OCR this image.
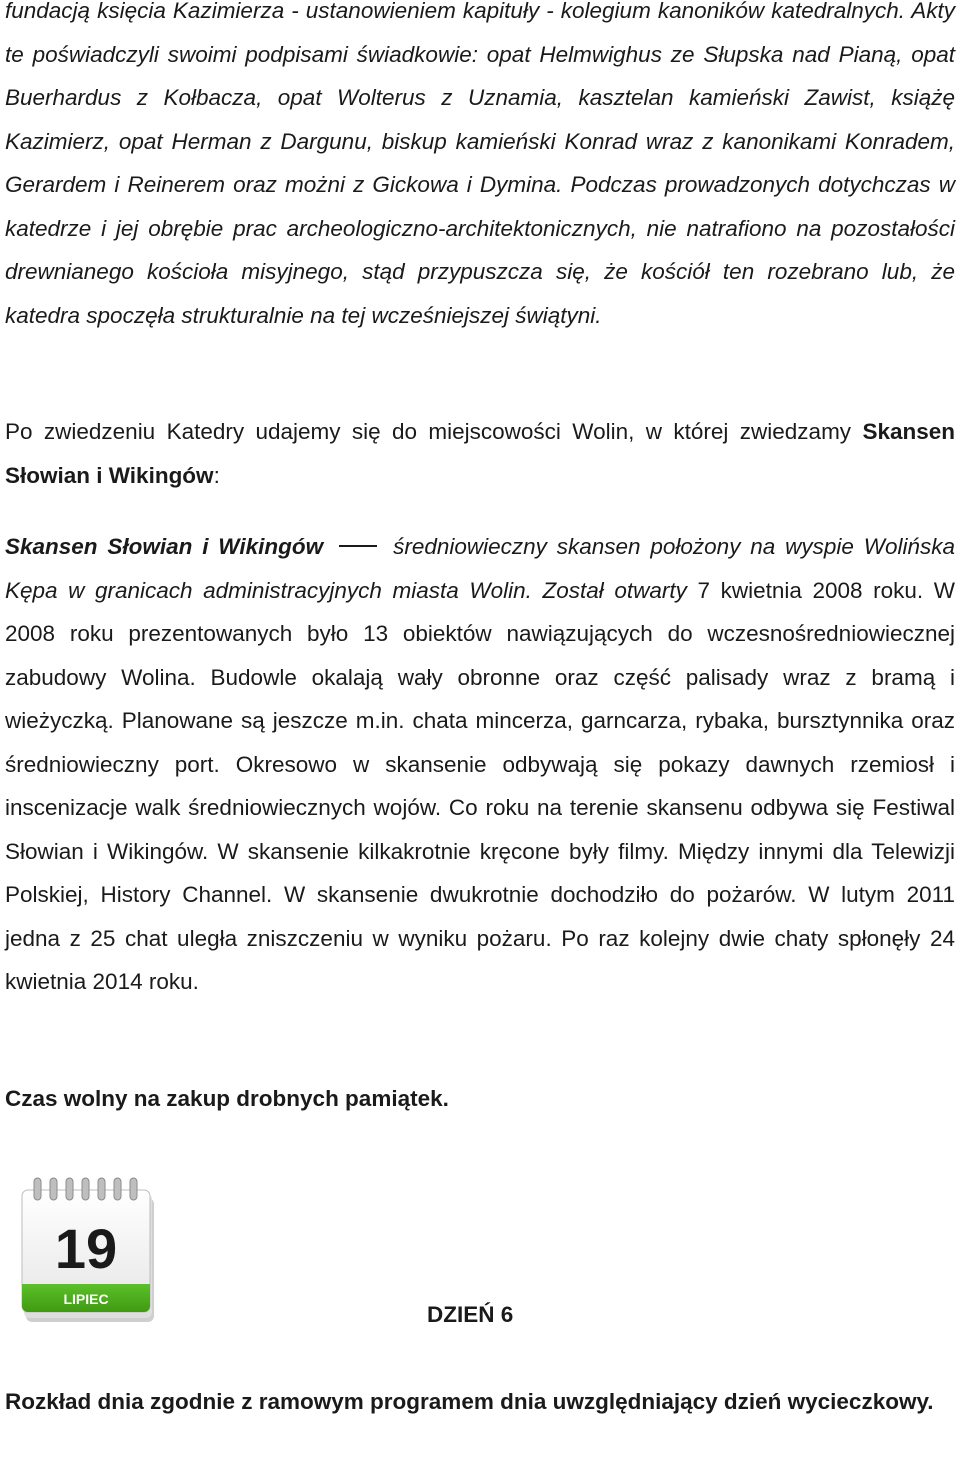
fundacją księcia Kazimierza - ustanowieniem kapituły - kolegium kanoników katedralnych. Akty te poświadczyli swoimi podpisami świadkowie: opat Helmwighus ze Słupska nad Pianą, opat Buerhardus z Kołbacza, opat Wolterus z Uznamia, kasztelan kamieński Zawist, książę Kazimierz, opat Herman z Dargunu, biskup kamieński Konrad wraz z kanonikami Konradem, Gerardem i Reinerem oraz możni z Gickowa i Dymina. Podczas prowadzonych dotychczas w katedrze i jej obrębie prac archeologiczno-architektonicznych, nie natrafiono na pozostałości drewnianego kościoła misyjnego, stąd przypuszcza się, że kościół ten rozebrano lub, że katedra spoczęła strukturalnie na tej wcześniejszej świątyni.

Po zwiedzeniu Katedry udajemy się do miejscowości Wolin, w której zwiedzamy Skansen Słowian i Wikingów:

Skansen Słowian i Wikingów	średniowieczny skansen położony na wyspie Wolińska Kępa w granicach administracyjnych miasta Wolin. Został otwarty 7 kwietnia 2008 roku. W 2008 roku prezentowanych było 13 obiektów nawiązujących do wczesnośredniowiecznej zabudowy Wolina. Budowle okalają wały obronne oraz część palisady wraz z bramą i wieżyczką. Planowane są jeszcze m.in. chata mincerza, garncarza, rybaka, bursztynnika oraz średniowieczny port. Okresowo w skansenie odbywają się pokazy dawnych rzemiosł i inscenizacje walk średniowiecznych wojów. Co roku na terenie skansenu odbywa się Festiwal Słowian i Wikingów. W skansenie kilkakrotnie kręcone były filmy. Między innymi dla Telewizji Polskiej, History Channel. W skansenie dwukrotnie dochodziło do pożarów. W lutym 2011 jedna z 25 chat uległa zniszczeniu w wyniku pożaru. Po raz kolejny dwie chaty spłonęły 24 kwietnia 2014 roku.

Czas wolny na zakup drobnych pamiątek.

Rozkład dnia zgodnie z ramowym programem dnia uwzględniający dzień wycieczkowy.

19
LIPIEC
DZIEŃ 6
